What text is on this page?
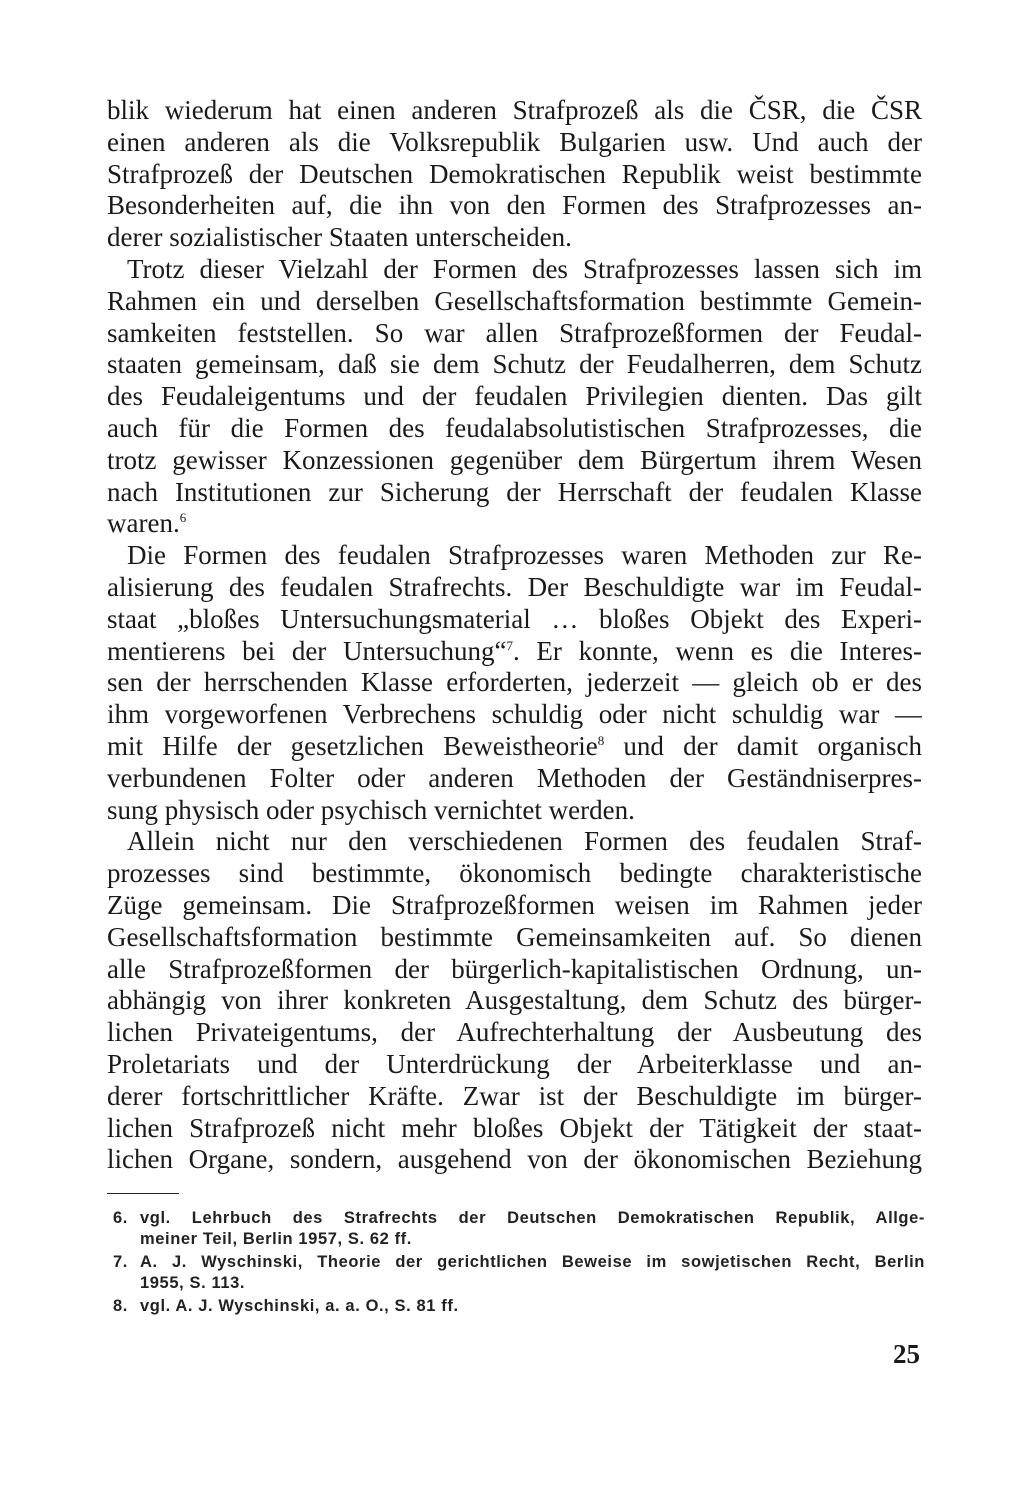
blik wiederum hat einen anderen Strafprozeß als die ČSR, die ČSR
einen anderen als die Volksrepublik Bulgarien usw. Und auch der
Strafprozeß der Deutschen Demokratischen Republik weist bestimmte
Besonderheiten auf, die ihn von den Formen des Strafprozesses an-
derer sozialistischer Staaten unterscheiden.

Trotz dieser Vielzahl der Formen des Strafprozesses lassen sich im
Rahmen ein und derselben Gesellschaftsformation bestimmte Gemein-
samkeiten feststellen. So war allen Strafprozeßformen der Feudal-
staaten gemeinsam, daß sie dem Schutz der Feudalherren, dem Schutz
des Feudaleigentums und der feudalen Privilegien dienten. Das gilt
auch für die Formen des feudalabsolutistischen Strafprozesses, die
trotz gewisser Konzessionen gegenüber dem Bürgertum ihrem Wesen
nach Institutionen zur Sicherung der Herrschaft der feudalen Klasse
waren.$^6$

Die Formen des feudalen Strafprozesses waren Methoden zur Re-
alisierung des feudalen Strafrechts. Der Beschuldigte war im Feudal-
staat „bloßes Untersuchungsmaterial … bloßes Objekt des Experi-
mentierens bei der Untersuchung“$^7$. Er konnte, wenn es die Interes-
sen der herrschenden Klasse erforderten, jederzeit — gleich ob er des
ihm vorgeworfenen Verbrechens schuldig oder nicht schuldig war —
mit Hilfe der gesetzlichen Beweistheorie$^8$ und der damit organisch
verbundenen Folter oder anderen Methoden der Geständniserpres-
sung physisch oder psychisch vernichtet werden.

Allein nicht nur den verschiedenen Formen des feudalen Straf-
prozesses sind bestimmte, ökonomisch bedingte charakteristische
Züge gemeinsam. Die Strafprozeßformen weisen im Rahmen jeder
Gesellschaftsformation bestimmte Gemeinsamkeiten auf. So dienen
alle Strafprozeßformen der bürgerlich-kapitalistischen Ordnung, un-
abhängig von ihrer konkreten Ausgestaltung, dem Schutz des bürger-
lichen Privateigentums, der Aufrechterhaltung der Ausbeutung des
Proletariats und der Unterdrückung der Arbeiterklasse und an-
derer fortschrittlicher Kräfte. Zwar ist der Beschuldigte im bürger-
lichen Strafprozeß nicht mehr bloßes Objekt der Tätigkeit der staat-
lichen Organe, sondern, ausgehend von der ökonomischen Beziehung

6. vgl. Lehrbuch des Strafrechts der Deutschen Demokratischen Republik, Allge-
meiner Teil, Berlin 1957, S. 62 ff.
7. A. J. Wyschinski, Theorie der gerichtlichen Beweise im sowjetischen Recht, Berlin
1955, S. 113.
8. vgl. A. J. Wyschinski, a. a. O., S. 81 ff.
25
